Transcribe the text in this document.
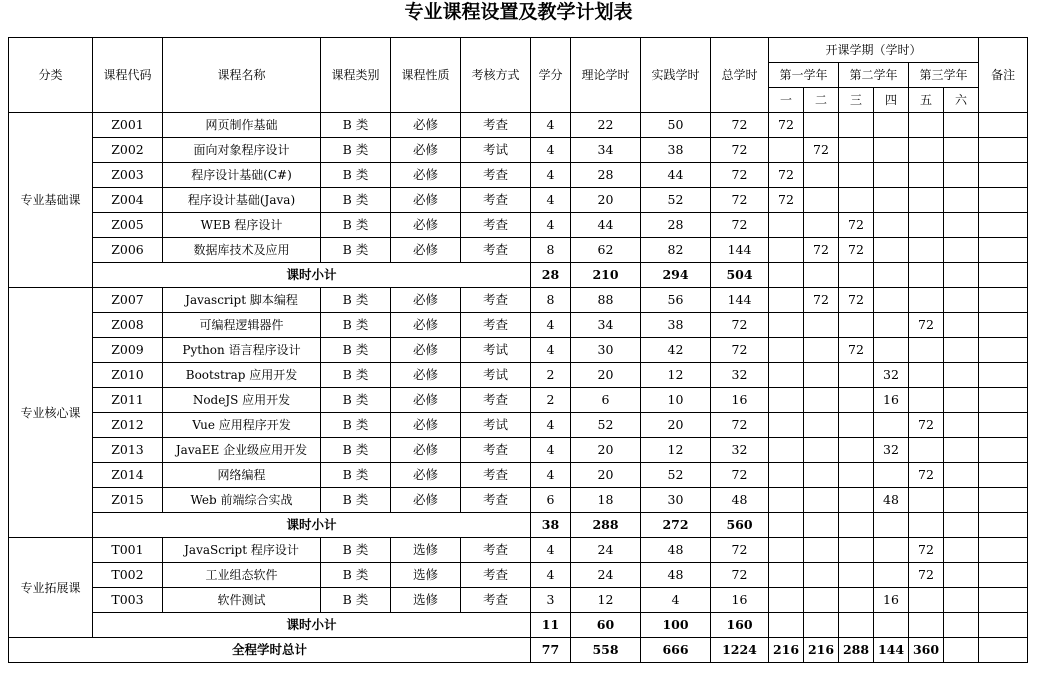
专业课程设置及教学计划表
分类	课程代码	课程名称	课程类别	课程性质	考核方式	学分	理论学时	实践学时	总学时	开课学期（学时）						备注
										第一学年		第二学年		第三学年		
										一	二	三	四	五	六	
专业基础课	Z001	网页制作基础	B 类	必修	考查	4	22	50	72	72						
	Z002	面向对象程序设计	B 类	必修	考试	4	34	38	72		72					
	Z003	程序设计基础(C#)	B 类	必修	考查	4	28	44	72	72						
	Z004	程序设计基础(Java)	B 类	必修	考查	4	20	52	72	72						
	Z005	WEB 程序设计	B 类	必修	考查	4	44	28	72			72				
	Z006	数据库技术及应用	B 类	必修	考查	8	62	82	144		72	72				
	课时小计					28	210	294	504							
专业核心课	Z007	Javascript 脚本编程	B 类	必修	考查	8	88	56	144		72	72				
	Z008	可编程逻辑器件	B 类	必修	考查	4	34	38	72					72		
	Z009	Python 语言程序设计	B 类	必修	考试	4	30	42	72			72				
	Z010	Bootstrap 应用开发	B 类	必修	考试	2	20	12	32				32			
	Z011	NodeJS 应用开发	B 类	必修	考查	2	6	10	16				16			
	Z012	Vue 应用程序开发	B 类	必修	考试	4	52	20	72					72		
	Z013	JavaEE 企业级应用开发	B 类	必修	考查	4	20	12	32				32			
	Z014	网络编程	B 类	必修	考查	4	20	52	72					72		
	Z015	Web 前端综合实战	B 类	必修	考查	6	18	30	48				48			
	课时小计					38	288	272	560							
专业拓展课	T001	JavaScript 程序设计	B 类	选修	考查	4	24	48	72					72		
	T002	工业组态软件	B 类	选修	考查	4	24	48	72					72		
	T003	软件测试	B 类	选修	考查	3	12	4	16				16			
	课时小计					11	60	100	160							
全程学时总计						77	558	666	1224	216	216	288	144	360		
